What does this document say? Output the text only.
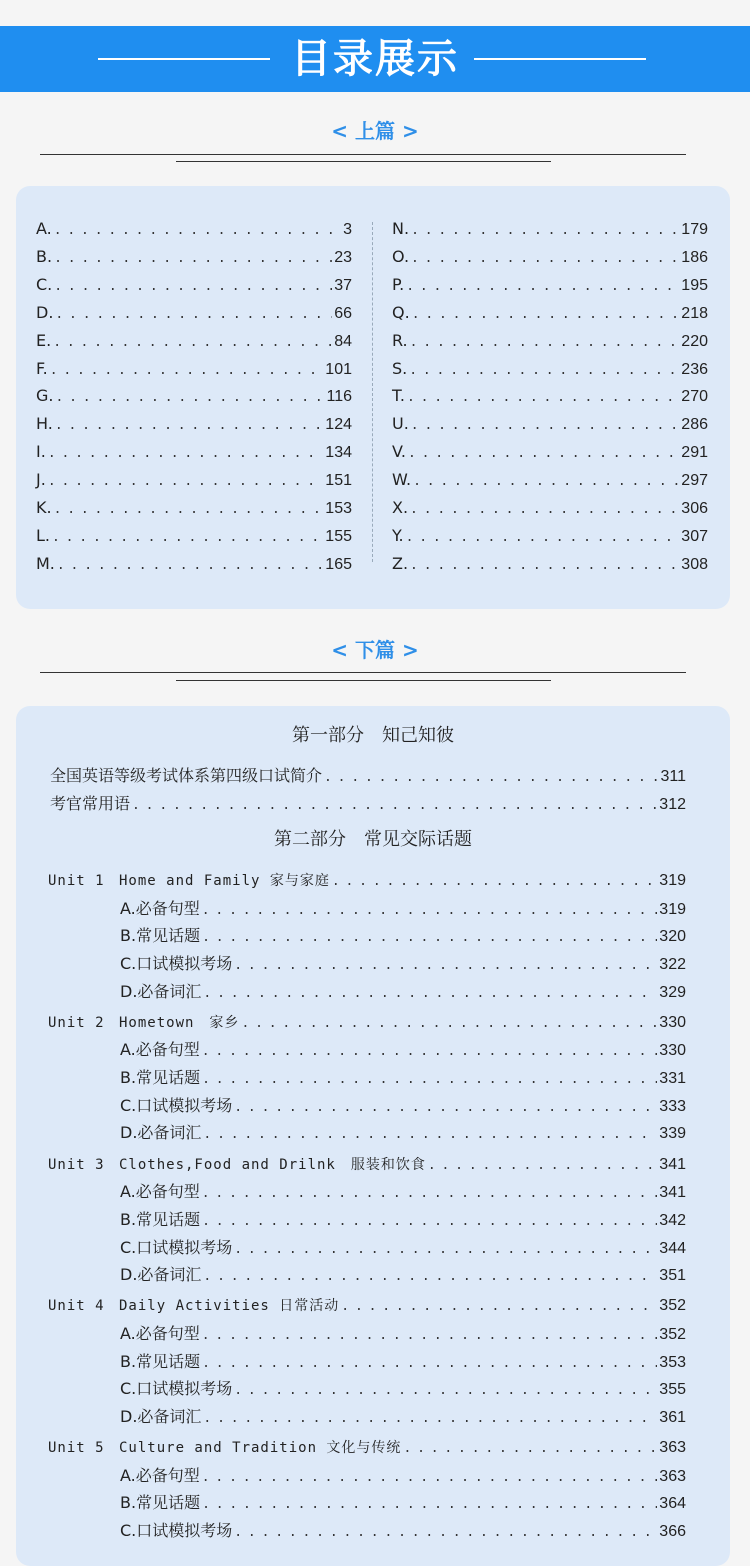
目录展示
< 上篇 >
A. . . .	3
B. . . .	23
C. . . .	37
D. . . .	66
E. . . .	84
F. . . .	101
G. . . .	116
H. . . .	124
I. . . .	134
J. . . .	151
K. . . .	153
L. . . .	155
M. . . .	165
N. . . .	179
O. . . .	186
P. . . .	195
Q. . . .	218
R. . . .	220
S. . . .	236
T. . . .	270
U. . . .	286
V. . . .	291
W. . . .	297
X. . . .	306
Y. . . .	307
Z. . . .	308
< 下篇 >
第一部分　知己知彼
全国英语等级考试体系第四级口试简介 . . .	311
考官常用语 . . .	312
第二部分　常见交际话题
Unit 1 Home and Family 家与家庭 . . .	319
A.必备句型 . . .	319
B.常见话题 . . .	320
C.口试模拟考场 . . .	322
D.必备词汇 . . .	329
Unit 2 Hometown　家乡 . . .	330
A.必备句型 . . .	330
B.常见话题 . . .	331
C.口试模拟考场 . . .	333
D.必备词汇 . . .	339
Unit 3 Clothes,Food and Drilnk　服装和饮食 . . .	341
A.必备句型 . . .	341
B.常见话题 . . .	342
C.口试模拟考场 . . .	344
D.必备词汇 . . .	351
Unit 4 Daily Activities 日常活动 . . .	352
A.必备句型 . . .	352
B.常见话题 . . .	353
C.口试模拟考场 . . .	355
D.必备词汇 . . .	361
Unit 5 Culture and Tradition 文化与传统 . . .	363
A.必备句型 . . .	363
B.常见话题 . . .	364
C.口试模拟考场 . . .	366
